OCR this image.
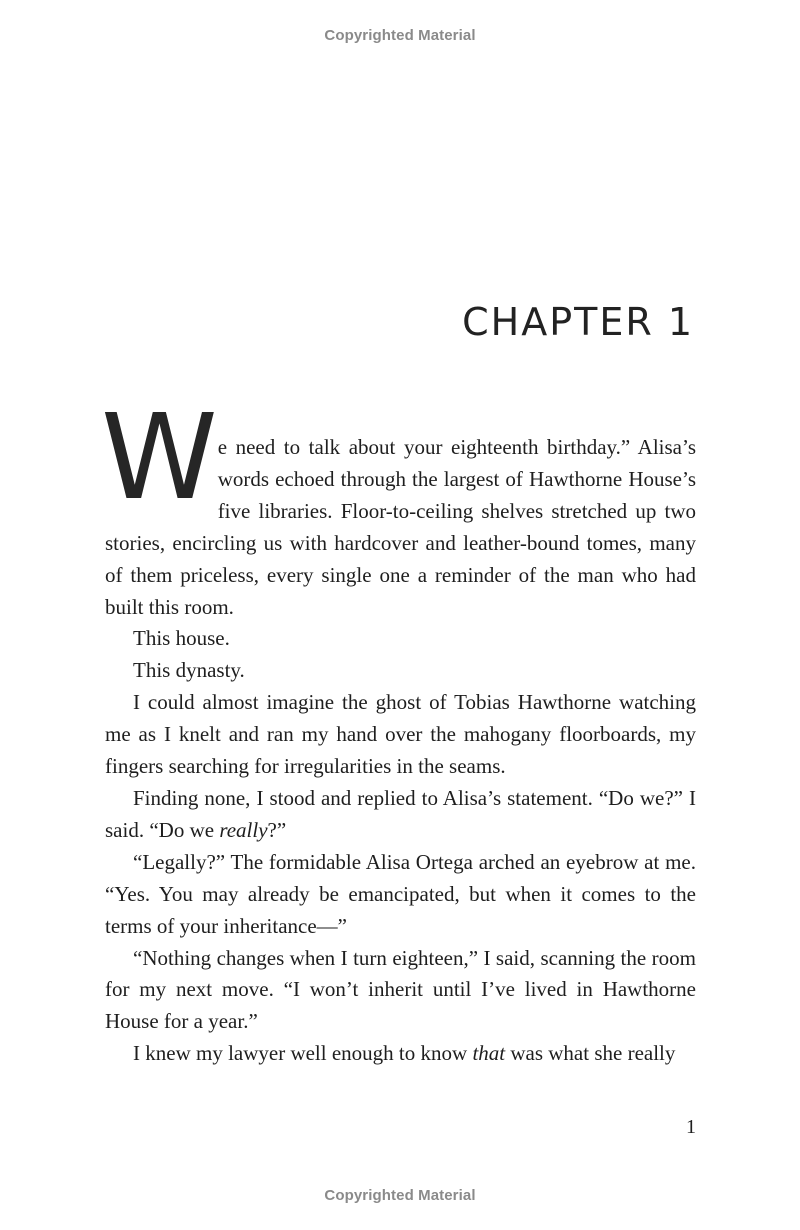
Copyrighted Material
CHAPTER 1

We need to talk about your eighteenth birthday.” Alisa’s words echoed through the largest of Hawthorne House’s five libraries. Floor-to-ceiling shelves stretched up two stories, encircling us with hardcover and leather-bound tomes, many of them priceless, every single one a reminder of the man who had built this room.

This house.

This dynasty.

I could almost imagine the ghost of Tobias Hawthorne watching me as I knelt and ran my hand over the mahogany floorboards, my fingers searching for irregularities in the seams.

Finding none, I stood and replied to Alisa’s statement. “Do we?” I said. “Do we really?”

“Legally?” The formidable Alisa Ortega arched an eyebrow at me. “Yes. You may already be emancipated, but when it comes to the terms of your inheritance—”

“Nothing changes when I turn eighteen,” I said, scanning the room for my next move. “I won’t inherit until I’ve lived in Hawthorne House for a year.”

I knew my lawyer well enough to know that was what she really

1
Copyrighted Material
